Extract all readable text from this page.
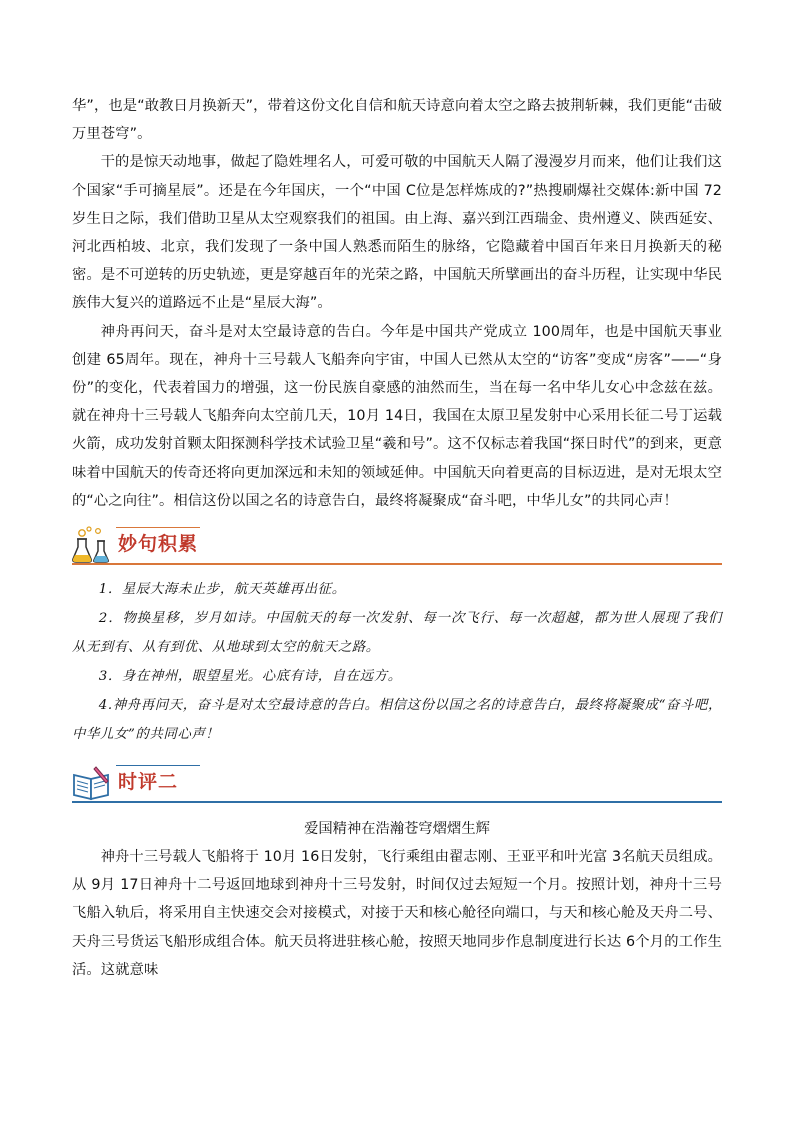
华”，也是“敢教日月换新天”，带着这份文化自信和航天诗意向着太空之路去披荆斩棘，我们更能“击破万里苍穹”。

干的是惊天动地事，做起了隐姓埋名人，可爱可敬的中国航天人隔了漫漫岁月而来，他们让我们这个国家“手可摘星辰”。还是在今年国庆，一个“中国 C位是怎样炼成的?”热搜刷爆社交媒体:新中国 72岁生日之际，我们借助卫星从太空观察我们的祖国。由上海、嘉兴到江西瑞金、贵州遵义、陕西延安、河北西柏坡、北京，我们发现了一条中国人熟悉而陌生的脉络，它隐藏着中国百年来日月换新天的秘密。是不可逆转的历史轨迹，更是穿越百年的光荣之路，中国航天所擘画出的奋斗历程，让实现中华民族伟大复兴的道路远不止是“星辰大海”。

神舟再问天，奋斗是对太空最诗意的告白。今年是中国共产党成立 100周年，也是中国航天事业创建 65周年。现在，神舟十三号载人飞船奔向宇宙，中国人已然从太空的“访客”变成“房客”——“身份”的变化，代表着国力的增强，这一份民族自豪感的油然而生，当在每一名中华儿女心中念兹在兹。就在神舟十三号载人飞船奔向太空前几天，10月 14日，我国在太原卫星发射中心采用长征二号丁运载火箭，成功发射首颗太阳探测科学技术试验卫星“羲和号”。这不仅标志着我国“探日时代”的到来，更意味着中国航天的传奇还将向更加深远和未知的领域延伸。中国航天向着更高的目标迈进，是对无垠太空的“心之向往”。相信这份以国之名的诗意告白，最终将凝聚成“奋斗吧，中华儿女”的共同心声！

妙句积累

1．星辰大海未止步，航天英雄再出征。

2．物换星移，岁月如诗。中国航天的每一次发射、每一次飞行、每一次超越，都为世人展现了我们从无到有、从有到优、从地球到太空的航天之路。

3．身在神州，眼望星光。心底有诗，自在远方。

4.神舟再问天，奋斗是对太空最诗意的告白。相信这份以国之名的诗意告白，最终将凝聚成“奋斗吧，中华儿女”的共同心声！

时评二
爱国精神在浩瀚苍穹熠熠生辉

神舟十三号载人飞船将于 10月 16日发射，飞行乘组由翟志刚、王亚平和叶光富 3名航天员组成。从 9月 17日神舟十二号返回地球到神舟十三号发射，时间仅过去短短一个月。按照计划，神舟十三号飞船入轨后，将采用自主快速交会对接模式，对接于天和核心舱径向端口，与天和核心舱及天舟二号、天舟三号货运飞船形成组合体。航天员将进驻核心舱，按照天地同步作息制度进行长达 6个月的工作生活。这就意味
